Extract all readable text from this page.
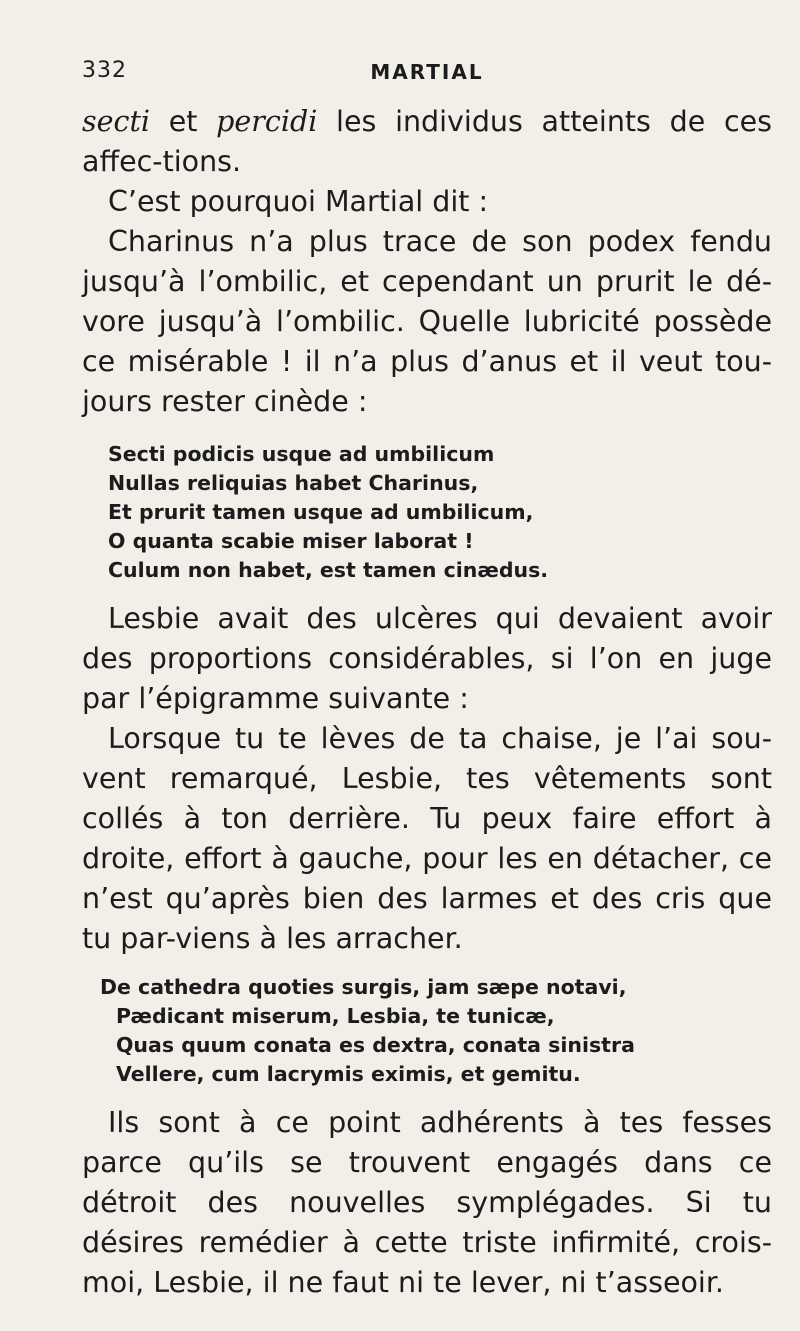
332	MARTIAL

secti et percidi les individus atteints de ces affec-tions.

C’est pourquoi Martial dit :

Charinus n’a plus trace de son podex fendu jusqu’à l’ombilic, et cependant un prurit le dé-vore jusqu’à l’ombilic. Quelle lubricité possède ce misérable ! il n’a plus d’anus et il veut tou-jours rester cinède :

Secti podicis usque ad umbilicum
Nullas reliquias habet Charinus,
Et prurit tamen usque ad umbilicum,
O quanta scabie miser laborat !
Culum non habet, est tamen cinædus.

Lesbie avait des ulcères qui devaient avoir des proportions considérables, si l’on en juge par l’épigramme suivante :

Lorsque tu te lèves de ta chaise, je l’ai sou-vent remarqué, Lesbie, tes vêtements sont collés à ton derrière. Tu peux faire effort à droite, effort à gauche, pour les en détacher, ce n’est qu’après bien des larmes et des cris que tu par-viens à les arracher.

De cathedra quoties surgis, jam sæpe notavi,
Pædicant miserum, Lesbia, te tunicæ,
Quas quum conata es dextra, conata sinistra
Vellere, cum lacrymis eximis, et gemitu.

Ils sont à ce point adhérents à tes fesses parce qu’ils se trouvent engagés dans ce détroit des nouvelles symplégades. Si tu désires remédier à cette triste infirmité, crois-moi, Lesbie, il ne faut ni te lever, ni t’asseoir.
